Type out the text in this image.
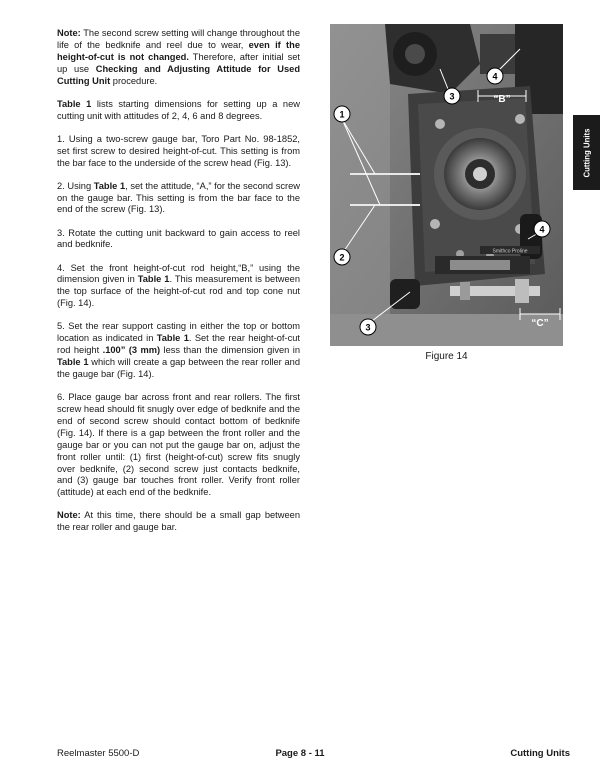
Note: The second screw setting will change throughout the life of the bedknife and reel due to wear, even if the height-of-cut is not changed. Therefore, after initial set up use Checking and Adjusting Attitude for Used Cutting Unit procedure.

Table 1 lists starting dimensions for setting up a new cutting unit with attitudes of 2, 4, 6 and 8 degrees.

1. Using a two-screw gauge bar, Toro Part No. 98-1852, set first screw to desired height-of-cut. This setting is from the bar face to the underside of the screw head (Fig. 13).

2. Using Table 1, set the attitude, “A,” for the second screw on the gauge bar. This setting is from the bar face to the end of the screw (Fig. 13).

3. Rotate the cutting unit backward to gain access to reel and bedknife.

4. Set the front height-of-cut rod height,“B,” using the dimension given in Table 1. This measurement is between the top surface of the height-of-cut rod and top cone nut (Fig. 14).

5. Set the rear support casting in either the top or bottom location as indicated in Table 1. Set the rear height-of-cut rod height .100” (3 mm) less than the dimension given in Table 1 which will create a gap between the rear roller and the gauge bar (Fig. 14).

6. Place gauge bar across front and rear rollers. The first screw head should fit snugly over edge of bedknife and the end of second screw should contact bottom of bedknife (Fig. 14). If there is a gap between the front roller and the gauge bar or you can not put the gauge bar on, adjust the front roller until: (1) first (height-of-cut) screw fits snugly over bedknife, (2) second screw just contacts bedknife, and (3) gauge bar touches front roller. Verify front roller (attitude) at each end of the bedknife.

Note: At this time, there should be a small gap between the rear roller and gauge bar.

Smithco Proline
“B”
“C”
1
2
3
3
4
4
Figure 14
Cutting Units
Reelmaster 5500-D	Page 8 - 11	Cutting Units
